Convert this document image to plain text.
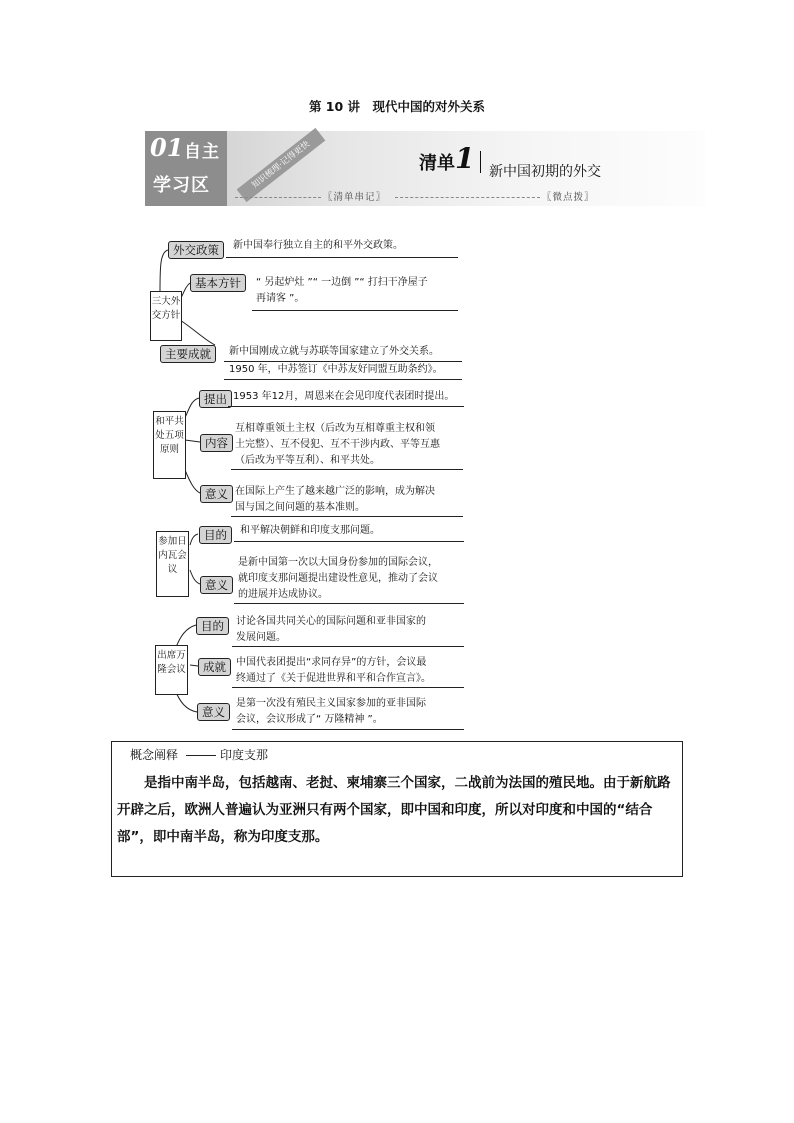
第 10 讲　现代中国的对外关系
01 自主
学习区	知识梳理·记得更快	清单 1 新中国初期的外交
〖清单串记〗	〖微点拨〗
三大外交方针
外交政策	新中国奉行独立自主的和平外交政策。
基本方针	“ 另起炉灶 ”“ 一边倒 ”“ 打扫干净屋子
再请客 ”。
主要成就	新中国刚成立就与苏联等国家建立了外交关系。
1950 年，中苏签订《中苏友好同盟互助条约》。
和平共处五项原则
提出 1953 年12月，周恩来在会见印度代表团时提出。
内容
互相尊重领土主权（后改为互相尊重主权和领
土完整）、互不侵犯、互不干涉内政、平等互惠
（后改为平等互利）、和平共处。
意义 在国际上产生了越来越广泛的影响，成为解决
国与国之间问题的基本准则。
参加日内瓦会议
目的	和平解决朝鲜和印度支那问题。
意义
是新中国第一次以大国身份参加的国际会议，
就印度支那问题提出建设性意见，推动了会议
的进展并达成协议。
出席万隆会议
目的	讨论各国共同关心的国际问题和亚非国家的
发展问题。
成就	中国代表团提出“求同存异”的方针，会议最
终通过了《关于促进世界和平和合作宣言》。
意义
是第一次没有殖民主义国家参加的亚非国际
会议，会议形成了“ 万隆精神 ”。
概念阐释	印度支那
是指中南半岛，包括越南、老挝、柬埔寨三个国家，二战前为法国的殖民地。由于新航路开辟之后，欧洲人普遍认为亚洲只有两个国家，即中国和印度，所以对印度和中国的“结合部”，即中南半岛，称为印度支那。
